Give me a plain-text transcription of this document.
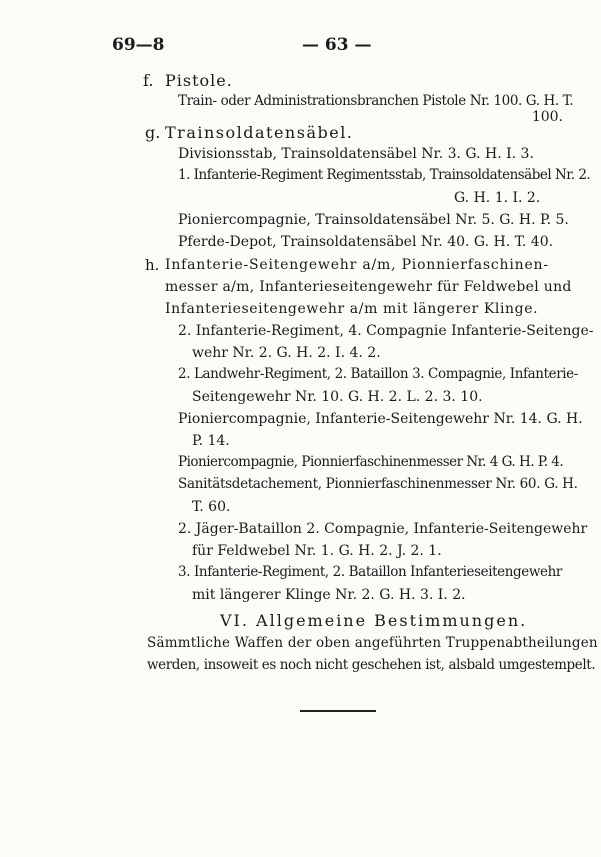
69—8	— 63 —
f. Pistole.
Train- oder Administrationsbranchen Pistole Nr. 100. G. H. T.
100.
g. Trainsoldatensäbel.
Divisionsstab, Trainsoldatensäbel Nr. 3. G. H. I. 3.
1. Infanterie-Regiment Regimentsstab, Trainsoldatensäbel Nr. 2.
G. H. 1. I. 2.
Pioniercompagnie, Trainsoldatensäbel Nr. 5. G. H. P. 5.
Pferde-Depot, Trainsoldatensäbel Nr. 40. G. H. T. 40.
h. Infanterie-Seitengewehr a/m, Pionnierfaschinen-
messer a/m, Infanterieseitengewehr für Feldwebel und
Infanterieseitengewehr a/m mit längerer Klinge.
2. Infanterie-Regiment, 4. Compagnie Infanterie-Seitenge-
wehr Nr. 2. G. H. 2. I. 4. 2.
2. Landwehr-Regiment, 2. Bataillon 3. Compagnie, Infanterie-
Seitengewehr Nr. 10. G. H. 2. L. 2. 3. 10.
Pioniercompagnie, Infanterie-Seitengewehr Nr. 14. G. H.
P. 14.
Pioniercompagnie, Pionnierfaschinenmesser Nr. 4 G. H. P. 4.
Sanitätsdetachement, Pionnierfaschinenmesser Nr. 60. G. H.
T. 60.
2. Jäger-Bataillon 2. Compagnie, Infanterie-Seitengewehr
für Feldwebel Nr. 1. G. H. 2. J. 2. 1.
3. Infanterie-Regiment, 2. Bataillon Infanterieseitengewehr
mit längerer Klinge Nr. 2. G. H. 3. I. 2.
VI. Allgemeine Bestimmungen.
Sämmtliche Waffen der oben angeführten Truppenabtheilungen
werden, insoweit es noch nicht geschehen ist, alsbald umgestempelt.
